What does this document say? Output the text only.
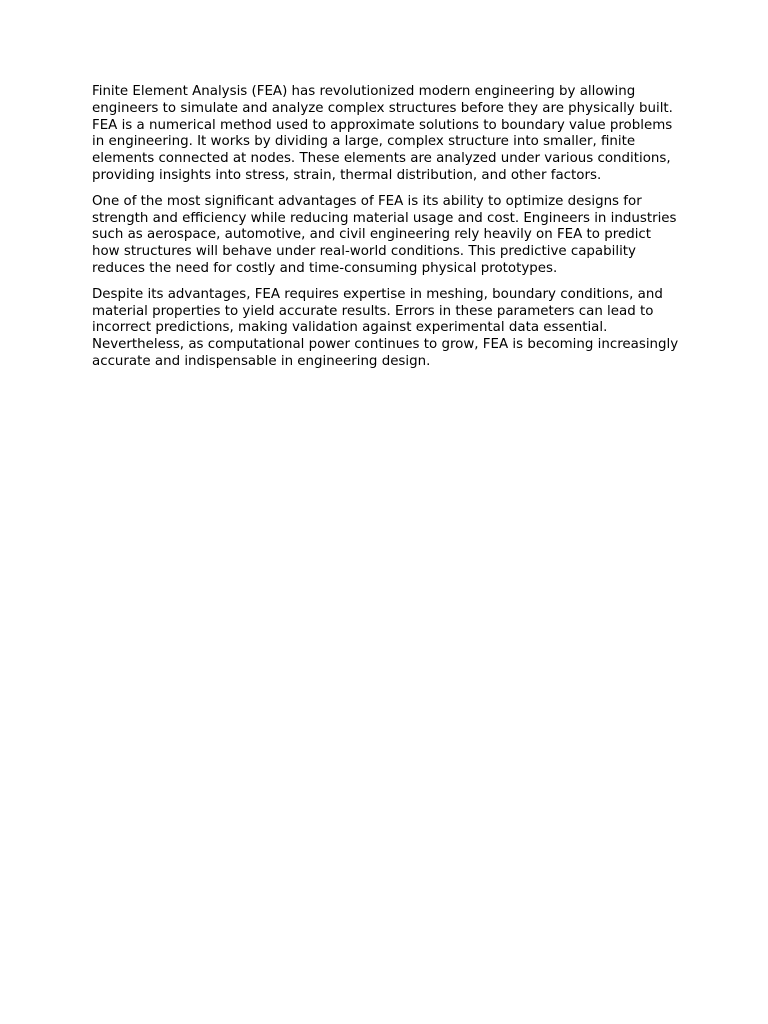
Finite Element Analysis (FEA) has revolutionized modern engineering by allowing engineers to simulate and analyze complex structures before they are physically built. FEA is a numerical method used to approximate solutions to boundary value problems in engineering. It works by dividing a large, complex structure into smaller, finite elements connected at nodes. These elements are analyzed under various conditions, providing insights into stress, strain, thermal distribution, and other factors.

One of the most significant advantages of FEA is its ability to optimize designs for strength and efficiency while reducing material usage and cost. Engineers in industries such as aerospace, automotive, and civil engineering rely heavily on FEA to predict how structures will behave under real-world conditions. This predictive capability reduces the need for costly and time-consuming physical prototypes.

Despite its advantages, FEA requires expertise in meshing, boundary conditions, and material properties to yield accurate results. Errors in these parameters can lead to incorrect predictions, making validation against experimental data essential. Nevertheless, as computational power continues to grow, FEA is becoming increasingly accurate and indispensable in engineering design.
